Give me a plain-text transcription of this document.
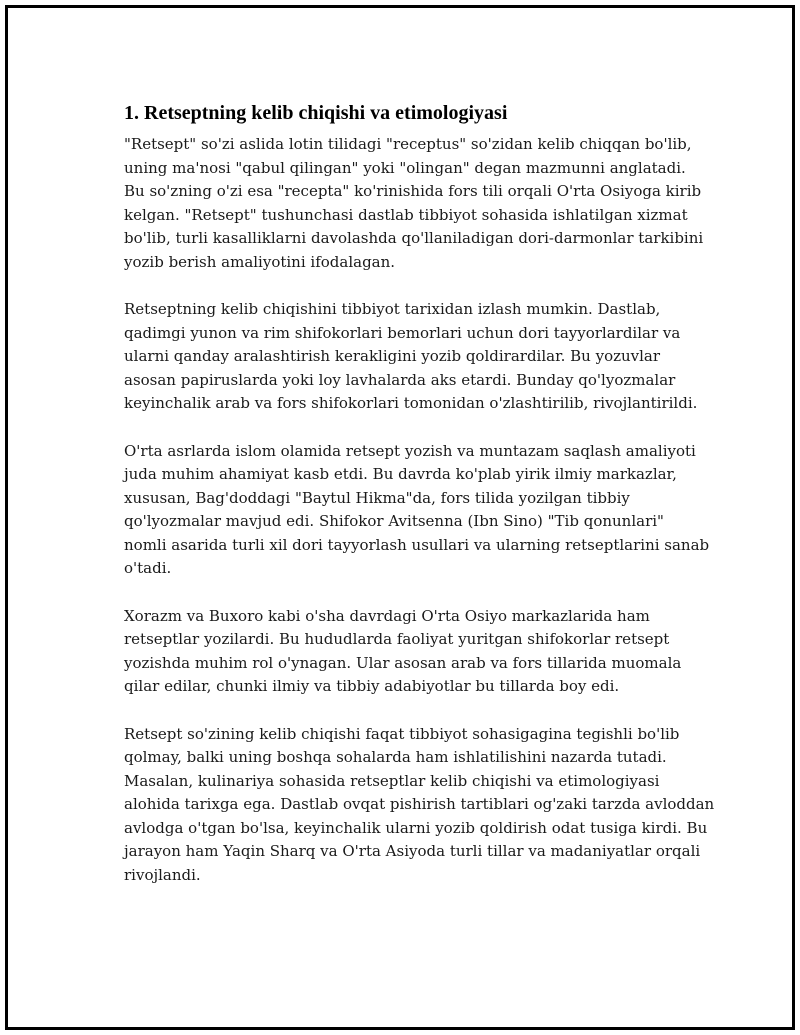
1. Retseptning kelib chiqishi va etimologiyasi

"Retsept" so'zi aslida lotin tilidagi "receptus" so'zidan kelib chiqqan bo'lib,
uning ma'nosi "qabul qilingan" yoki "olingan" degan mazmunni anglatadi.
Bu so'zning o'zi esa "recepta" ko'rinishida fors tili orqali O'rta Osiyoga kirib
kelgan. "Retsept" tushunchasi dastlab tibbiyot sohasida ishlatilgan xizmat
bo'lib, turli kasalliklarni davolashda qo'llaniladigan dori-darmonlar tarkibini
yozib berish amaliyotini ifodalagan.

Retseptning kelib chiqishini tibbiyot tarixidan izlash mumkin. Dastlab,
qadimgi yunon va rim shifokorlari bemorlari uchun dori tayyorlardilar va
ularni qanday aralashtirish kerakligini yozib qoldirardilar. Bu yozuvlar
asosan papiruslarda yoki loy lavhalarda aks etardi. Bunday qo'lyozmalar
keyinchalik arab va fors shifokorlari tomonidan o'zlashtirilib, rivojlantirildi.

O'rta asrlarda islom olamida retsept yozish va muntazam saqlash amaliyoti
juda muhim ahamiyat kasb etdi. Bu davrda ko'plab yirik ilmiy markazlar,
xususan, Bag'doddagi "Baytul Hikma"da, fors tilida yozilgan tibbiy
qo'lyozmalar mavjud edi. Shifokor Avitsenna (Ibn Sino) "Tib qonunlari"
nomli asarida turli xil dori tayyorlash usullari va ularning retseptlarini sanab
o'tadi.

Xorazm va Buxoro kabi o'sha davrdagi O'rta Osiyo markazlarida ham
retseptlar yozilardi. Bu hududlarda faoliyat yuritgan shifokorlar retsept
yozishda muhim rol o'ynagan. Ular asosan arab va fors tillarida muomala
qilar edilar, chunki ilmiy va tibbiy adabiyotlar bu tillarda boy edi.

Retsept so'zining kelib chiqishi faqat tibbiyot sohasigagina tegishli bo'lib
qolmay, balki uning boshqa sohalarda ham ishlatilishini nazarda tutadi.
Masalan, kulinariya sohasida retseptlar kelib chiqishi va etimologiyasi
alohida tarixga ega. Dastlab ovqat pishirish tartiblari og'zaki tarzda avloddan
avlodga o'tgan bo'lsa, keyinchalik ularni yozib qoldirish odat tusiga kirdi. Bu
jarayon ham Yaqin Sharq va O'rta Asiyoda turli tillar va madaniyatlar orqali
rivojlandi.
